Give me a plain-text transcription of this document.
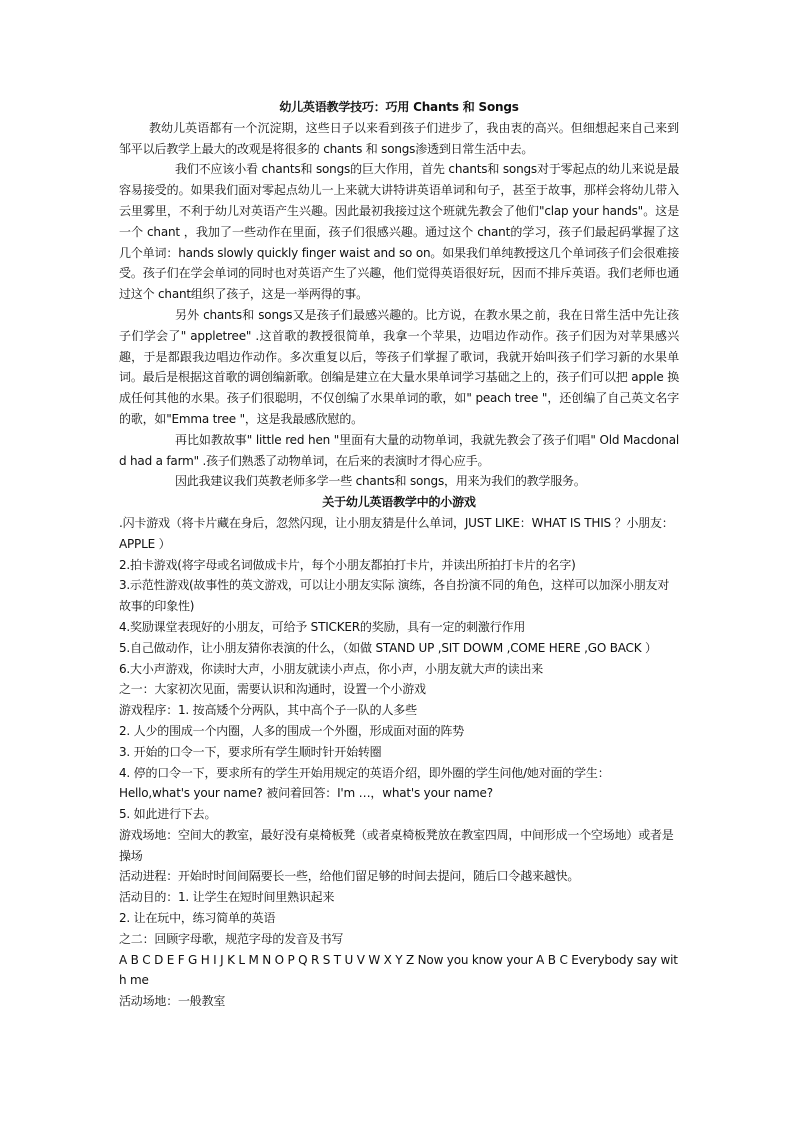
幼儿英语教学技巧：巧用 Chants 和 Songs

教幼儿英语都有一个沉淀期，这些日子以来看到孩子们进步了，我由衷的高兴。但细想起来自己来到邹平以后教学上最大的改观是将很多的 chants 和 songs渗透到日常生活中去。

我们不应该小看 chants和 songs的巨大作用，首先 chants和 songs对于零起点的幼儿来说是最容易接受的。如果我们面对零起点幼儿一上来就大讲特讲英语单词和句子，甚至于故事，那样会将幼儿带入云里雾里，不利于幼儿对英语产生兴趣。因此最初我接过这个班就先教会了他们"clap your hands"。这是一个 chant ，我加了一些动作在里面，孩子们很感兴趣。通过这个 chant的学习，孩子们最起码掌握了这几个单词：hands slowly quickly finger waist and so on。如果我们单纯教授这几个单词孩子们会很难接受。孩子们在学会单词的同时也对英语产生了兴趣，他们觉得英语很好玩，因而不排斥英语。我们老师也通过这个 chant组织了孩子，这是一举两得的事。

另外 chants和 songs又是孩子们最感兴趣的。比方说，在教水果之前，我在日常生活中先让孩子们学会了" appletree" .这首歌的教授很简单，我拿一个苹果，边唱边作动作。孩子们因为对苹果感兴趣，于是都跟我边唱边作动作。多次重复以后，等孩子们掌握了歌词，我就开始叫孩子们学习新的水果单词。最后是根据这首歌的调创编新歌。创编是建立在大量水果单词学习基础之上的，孩子们可以把 apple 换成任何其他的水果。孩子们很聪明，不仅创编了水果单词的歌，如" peach tree "，还创编了自己英文名字的歌，如"Emma tree "，这是我最感欣慰的。

再比如教故事" little red hen "里面有大量的动物单词，我就先教会了孩子们唱" Old Macdonald had a farm" .孩子们熟悉了动物单词，在后来的表演时才得心应手。

因此我建议我们英教老师多学一些 chants和 songs，用来为我们的教学服务。

关于幼儿英语教学中的小游戏

.闪卡游戏（将卡片藏在身后，忽然闪现，让小朋友猜是什么单词，JUST LIKE：WHAT IS THIS ？小朋友：APPLE ）

2.拍卡游戏(将字母或名词做成卡片，每个小朋友都拍打卡片，并读出所拍打卡片的名字)

3.示范性游戏(故事性的英文游戏，可以让小朋友实际 演练，各自扮演不同的角色，这样可以加深小朋友对故事的印象性)

4.奖励课堂表现好的小朋友，可给予 STICKER的奖励，具有一定的刺激行作用

5.自己做动作，让小朋友猜你表演的什么，（如做 STAND UP ,SIT DOWM ,COME HERE ,GO BACK ）

6.大小声游戏，你读时大声，小朋友就读小声点，你小声，小朋友就大声的读出来

之一：大家初次见面，需要认识和沟通时，设置一个小游戏

游戏程序：1. 按高矮个分两队，其中高个子一队的人多些

2. 人少的围成一个内圈，人多的围成一个外圈，形成面对面的阵势

3. 开始的口令一下，要求所有学生顺时针开始转圈

4. 停的口令一下，要求所有的学生开始用规定的英语介绍，即外圈的学生问他/她对面的学生：

Hello,what's your name? 被问着回答：I'm …，what's your name?

5. 如此进行下去。

游戏场地：空间大的教室，最好没有桌椅板凳（或者桌椅板凳放在教室四周，中间形成一个空场地）或者是操场

活动进程：开始时时间间隔要长一些，给他们留足够的时间去提问，随后口令越来越快。

活动目的：1. 让学生在短时间里熟识起来

2. 让在玩中，练习简单的英语

之二：回顾字母歌，规范字母的发音及书写

A B C D E F G H I J K L M N O P Q R S T U V W X Y Z Now you know your A B C Everybody say with me

活动场地：一般教室
